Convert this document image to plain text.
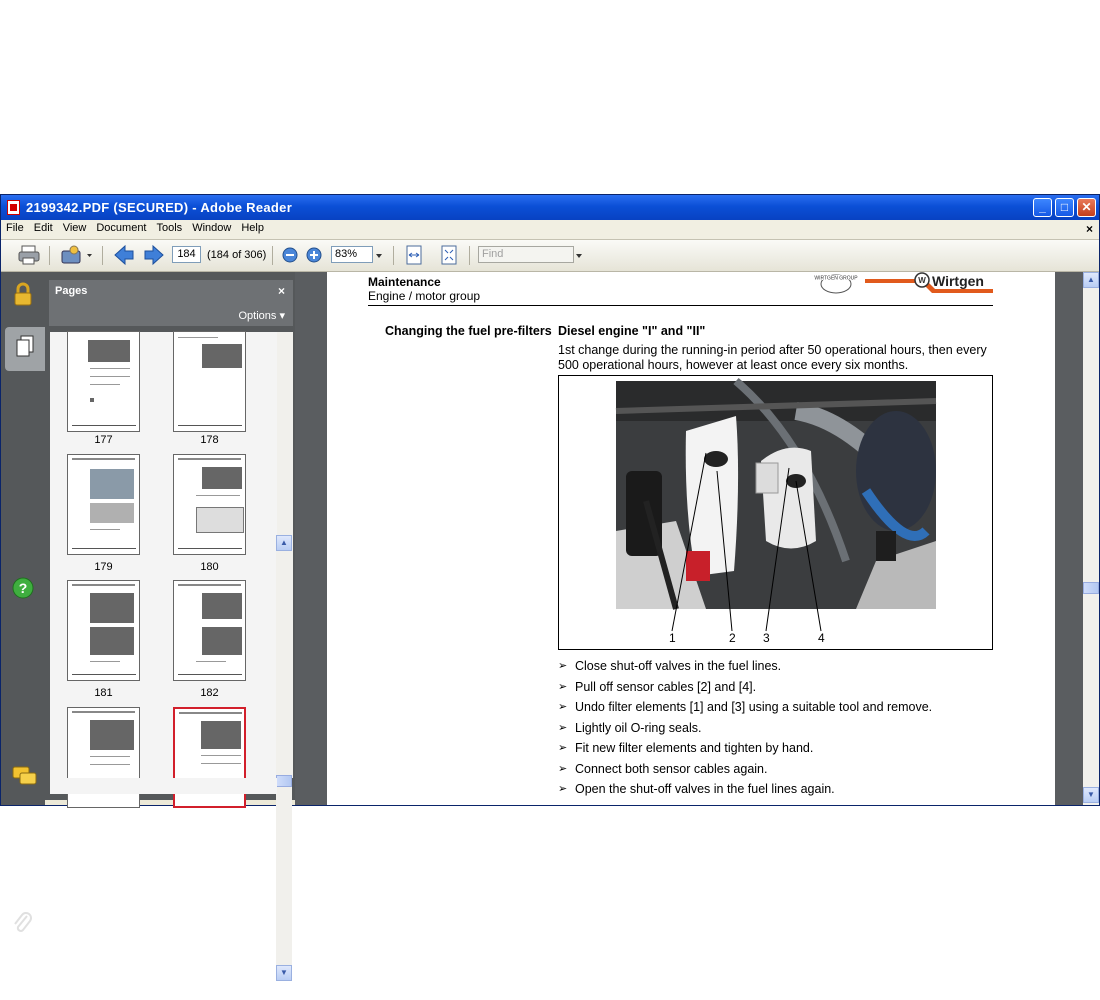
2199342.PDF (SECURED) - Adobe Reader	_	□	✕
File Edit View Document Tools Window Help	×
184	(184 of 306)	83%	Find
?
Pages	×
Options ▾
177	178
179	180
181	182
▲
▼
Maintenance
Engine / motor group
WIRTGEN GROUP	W Wirtgen
Changing the fuel pre-filters Diesel engine "I" and "II"
1st change during the running-in period after 50 operational hours, then every 500 operational hours, however at least once every six months.
1	2 3	4
➢ Close shut-off valves in the fuel lines.
➢ Pull off sensor cables [2] and [4].
➢ Undo filter elements [1] and [3] using a suitable tool and remove.
➢ Lightly oil O-ring seals.
➢ Fit new filter elements and tighten by hand.
➢ Connect both sensor cables again.
➢ Open the shut-off valves in the fuel lines again.
▲
▼
